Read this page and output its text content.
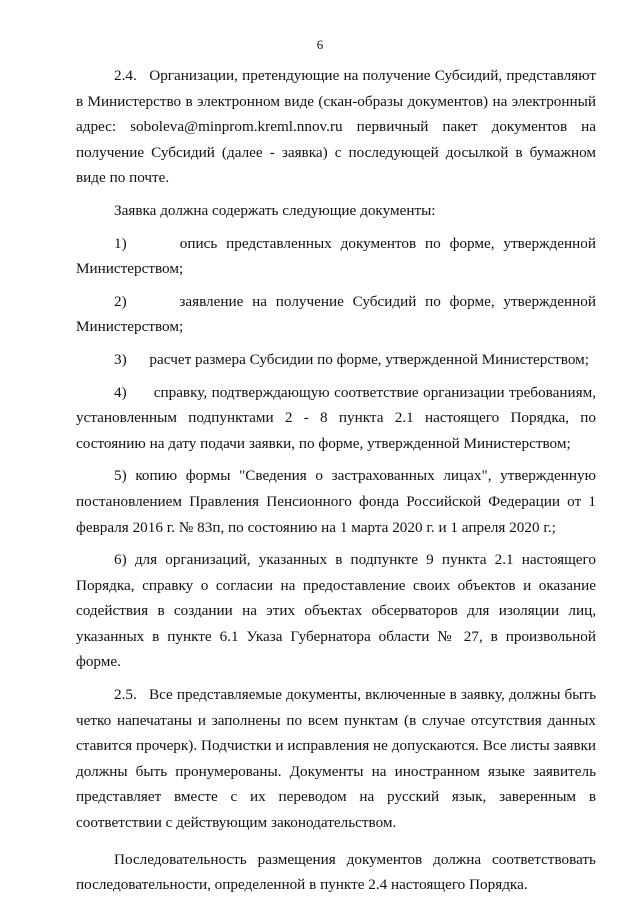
6

2.4.   Организации, претендующие на получение Субсидий, представляют в Министерство в электронном виде (скан-образы документов) на электронный адрес: soboleva@minprom.kreml.nnov.ru первичный пакет документов на получение Субсидий (далее - заявка) с последующей досылкой в бумажном виде по почте.

Заявка должна содержать следующие документы:

1)      опись представленных документов по форме, утвержденной Министерством;

2)      заявление на получение Субсидий по форме, утвержденной Министерством;

3)      расчет размера Субсидии по форме, утвержденной Министерством;

4)      справку, подтверждающую соответствие организации требованиям, установленным подпунктами 2 - 8 пункта 2.1 настоящего Порядка, по состоянию на дату подачи заявки, по форме, утвержденной Министерством;

5) копию формы "Сведения о застрахованных лицах", утвержденную постановлением Правления Пенсионного фонда Российской Федерации от 1 февраля 2016 г. № 83п, по состоянию на 1 марта 2020 г. и 1 апреля 2020 г.;

6) для организаций, указанных в подпункте 9 пункта 2.1 настоящего Порядка, справку о согласии на предоставление своих объектов и оказание содействия в создании на этих объектах обсерваторов для изоляции лиц, указанных в пункте 6.1 Указа Губернатора области № 27, в произвольной форме.

2.5.   Все представляемые документы, включенные в заявку, должны быть четко напечатаны и заполнены по всем пунктам (в случае отсутствия данных ставится прочерк). Подчистки и исправления не допускаются. Все листы заявки должны быть пронумерованы. Документы на иностранном языке заявитель представляет вместе с их переводом на русский язык, заверенным в соответствии с действующим законодательством.

Последовательность размещения документов должна соответствовать последовательности, определенной в пункте 2.4 настоящего Порядка.
